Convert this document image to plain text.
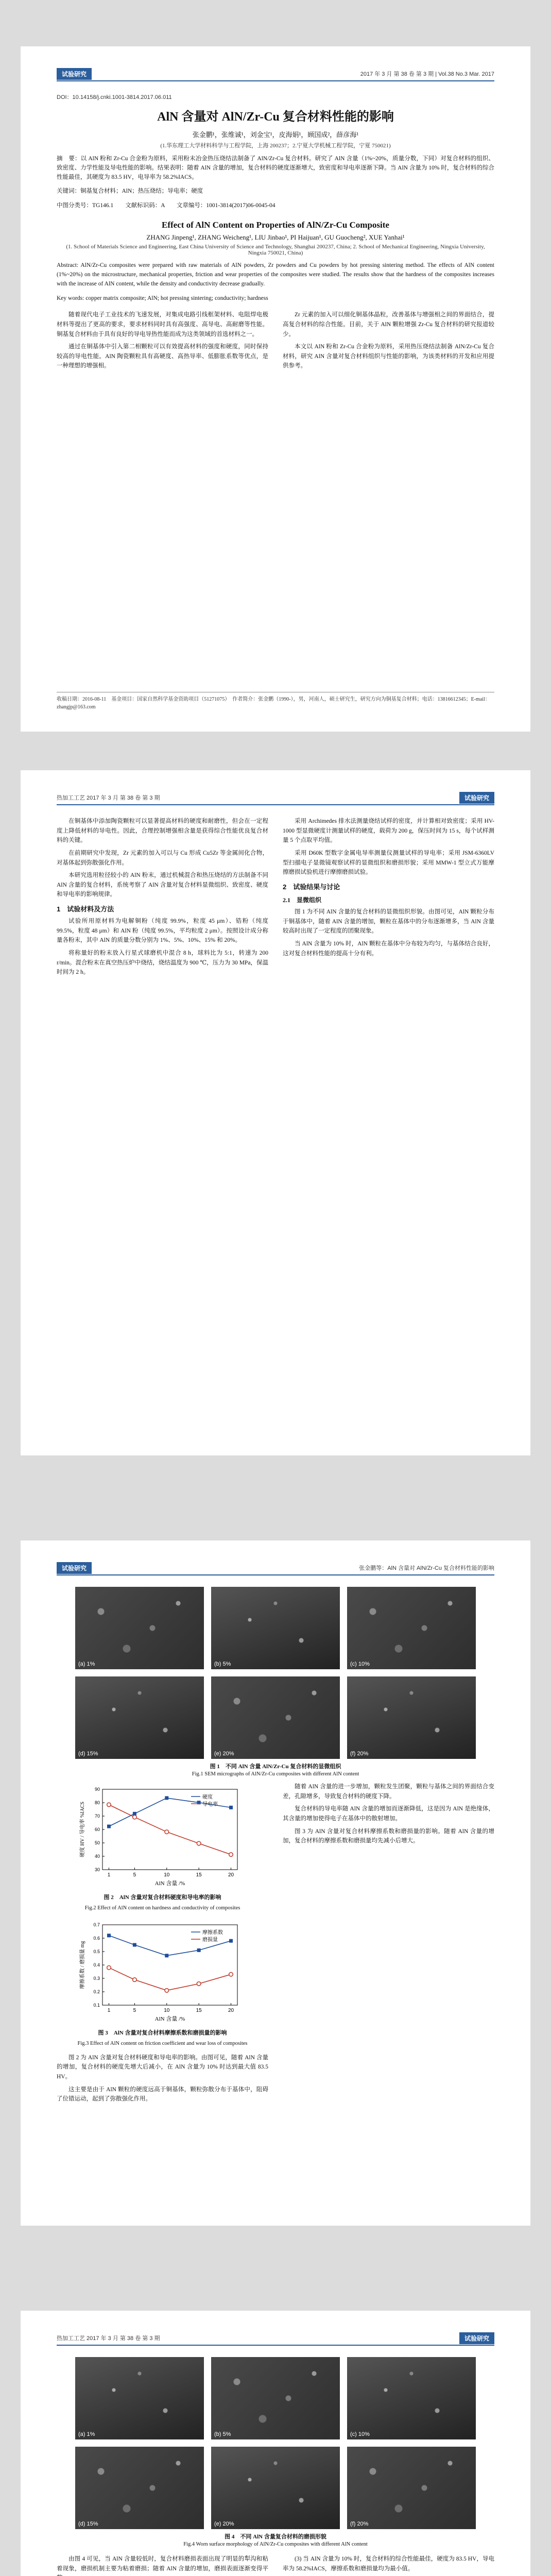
试验研究	2017 年 3 月 第 38 卷 第 3 期 | Vol.38 No.3 Mar. 2017
DOI：10.14158/j.cnki.1001-3814.2017.06.011
AlN 含量对 AlN/Zr-Cu 复合材料性能的影响
张金鹏¹，张维诚¹，刘金宝¹，皮海娟¹，顾国成²，薛彦海¹
(1.华东理工大学材料科学与工程学院，上海 200237；2.宁夏大学机械工程学院，宁夏 750021)
摘　要：以 AlN 粉和 Zr-Cu 合金粉为原料，采用粉末冶金热压烧结法制备了 AlN/Zr-Cu 复合材料。研究了 AlN 含量（1%~20%，质量分数，下同）对复合材料的组织、致密度、力学性能及导电性能的影响。结果表明：随着 AlN 含量的增加，复合材料的硬度逐渐增大，致密度和导电率逐渐下降。当 AlN 含量为 10% 时，复合材料的综合性能最佳，其硬度为 83.5 HV，电导率为 58.2%IACS。
关键词：铜基复合材料；AlN；热压烧结；导电率；硬度
中图分类号：TG146.1　　文献标识码：A　　文章编号：1001-3814(2017)06-0045-04
Effect of AlN Content on Properties of AlN/Zr-Cu Composite
ZHANG Jinpeng¹, ZHANG Weicheng¹, LIU Jinbao¹, PI Haijuan¹, GU Guocheng², XUE Yanhai¹
(1. School of Materials Science and Engineering, East China University of Science and Technology, Shanghai 200237, China; 2. School of Mechanical Engineering, Ningxia University, Ningxia 750021, China)
Abstract: AlN/Zr-Cu composites were prepared with raw materials of AlN powders, Zr powders and Cu powders by hot pressing sintering method. The effects of AlN content (1%~20%) on the microstructure, mechanical properties, friction and wear properties of the composites were studied. The results show that the hardness of the composites increases with the increase of AlN content, while the density and conductivity decrease gradually.
Key words: copper matrix composite; AlN; hot pressing sintering; conductivity; hardness

随着现代电子工业技术的飞速发展，对集成电路引线框架材料、电阻焊电极材料等提出了更高的要求，要求材料同时具有高强度、高导电、高耐磨等性能。铜基复合材料由于具有良好的导电导热性能而成为这类领域的首选材料之一。

通过在铜基体中引入第二相颗粒可以有效提高材料的强度和硬度，同时保持较高的导电性能。AlN 陶瓷颗粒具有高硬度、高热导率、低膨胀系数等优点，是一种理想的增强相。

Zr 元素的加入可以细化铜基体晶粒，改善基体与增强相之间的界面结合，提高复合材料的综合性能。目前，关于 AlN 颗粒增强 Zr-Cu 复合材料的研究报道较少。

本文以 AlN 粉和 Zr-Cu 合金粉为原料，采用热压烧结法制备 AlN/Zr-Cu 复合材料，研究 AlN 含量对复合材料组织与性能的影响，为该类材料的开发和应用提供参考。

收稿日期：2016-08-11　基金项目：国家自然科学基金资助项目（51271075）　作者简介：张金鹏（1990-），男，河南人，硕士研究生，研究方向为铜基复合材料；电话：13816612345；E-mail：zhangjp@163.com
热加工工艺 2017 年 3 月 第 38 卷 第 3 期	试验研究

在铜基体中添加陶瓷颗粒可以显著提高材料的硬度和耐磨性，但会在一定程度上降低材料的导电性。因此，合理控制增强相含量是获得综合性能优良复合材料的关键。

在前期研究中发现，Zr 元素的加入可以与 Cu 形成 Cu5Zr 等金属间化合物，对基体起到弥散强化作用。

本研究选用粒径较小的 AlN 粉末，通过机械混合和热压烧结的方法制备不同 AlN 含量的复合材料，系统考察了 AlN 含量对复合材料显微组织、致密度、硬度和导电率的影响规律。

1　试验材料及方法

试验所用原材料为电解铜粉（纯度 99.9%，粒度 45 μm）、锆粉（纯度 99.5%，粒度 48 μm）和 AlN 粉（纯度 99.5%，平均粒度 2 μm）。按照设计成分称量各粉末，其中 AlN 的质量分数分别为 1%、5%、10%、15% 和 20%。

将称量好的粉末放入行星式球磨机中混合 8 h，球料比为 5:1，转速为 200 r/min。混合粉末在真空热压炉中烧结，烧结温度为 900 ℃，压力为 30 MPa，保温时间为 2 h。

采用 Archimedes 排水法测量烧结试样的密度，并计算相对致密度；采用 HV-1000 型显微硬度计测量试样的硬度，载荷为 200 g，保压时间为 15 s，每个试样测量 5 个点取平均值。

采用 D60K 型数字金属电导率测量仪测量试样的导电率；采用 JSM-6360LV 型扫描电子显微镜观察试样的显微组织和磨损形貌；采用 MMW-1 型立式万能摩擦磨损试验机进行摩擦磨损试验。

2　试验结果与讨论
2.1　显微组织

图 1 为不同 AlN 含量的复合材料的显微组织形貌。由图可见，AlN 颗粒分布于铜基体中，随着 AlN 含量的增加，颗粒在基体中的分布逐渐增多，当 AlN 含量较高时出现了一定程度的团聚现象。

当 AlN 含量为 10% 时，AlN 颗粒在基体中分布较为均匀，与基体结合良好，这对复合材料性能的提高十分有利。

试验研究	张金鹏等：AlN 含量对 AlN/Zr-Cu 复合材料性能的影响
(a) 1%	(b) 5%	(c) 10%
(d) 15%	(e) 20%	(f) 20%
图 1　不同 AlN 含量 AlN/Zr-Cu 复合材料的显微组织
Fig.1 SEM micrographs of AlN/Zr-Cu composites with different AlN content
1	5	10	15	20
30
40
50
60
70
80
90
AlN 含量 /%
硬度 HV / 导电率 %IACS
硬度
导电率
图 2　AlN 含量对复合材料硬度和导电率的影响
Fig.2 Effect of AlN content on hardness and conductivity of composites
1	5	10	15	20
0.1
0.2
0.3
0.4
0.5
0.6
0.7
AlN 含量 /%
摩擦系数 / 磨损量 mg
摩擦系数
磨损量
图 3　AlN 含量对复合材料摩擦系数和磨损量的影响
Fig.3 Effect of AlN content on friction coefficient and wear loss of composites

图 2 为 AlN 含量对复合材料硬度和导电率的影响。由图可见，随着 AlN 含量的增加，复合材料的硬度先增大后减小，在 AlN 含量为 10% 时达到最大值 83.5 HV。

这主要是由于 AlN 颗粒的硬度远高于铜基体，颗粒弥散分布于基体中，阻碍了位错运动，起到了弥散强化作用。

随着 AlN 含量的进一步增加，颗粒发生团聚，颗粒与基体之间的界面结合变差，孔隙增多，导致复合材料的硬度下降。

复合材料的导电率随 AlN 含量的增加而逐渐降低，这是因为 AlN 是绝缘体，其含量的增加使得电子在基体中的散射增加。

图 3 为 AlN 含量对复合材料摩擦系数和磨损量的影响。随着 AlN 含量的增加，复合材料的摩擦系数和磨损量均先减小后增大。

热加工工艺 2017 年 3 月 第 38 卷 第 3 期	试验研究
(a) 1%	(b) 5%	(c) 10%
(d) 15%	(e) 20%	(f) 20%
图 4　不同 AlN 含量复合材料的磨损形貌
Fig.4 Worn surface morphology of AlN/Zr-Cu composites with different AlN content

由图 4 可见，当 AlN 含量较低时，复合材料磨损表面出现了明显的犁沟和粘着现象，磨损机制主要为粘着磨损；随着 AlN 含量的增加，磨损表面逐渐变得平

(3) 当 AlN 含量为 10% 时，复合材料的综合性能最佳，硬度为 83.5 HV，导电率为 58.2%IACS，摩擦系数和磨损量均为最小值。
